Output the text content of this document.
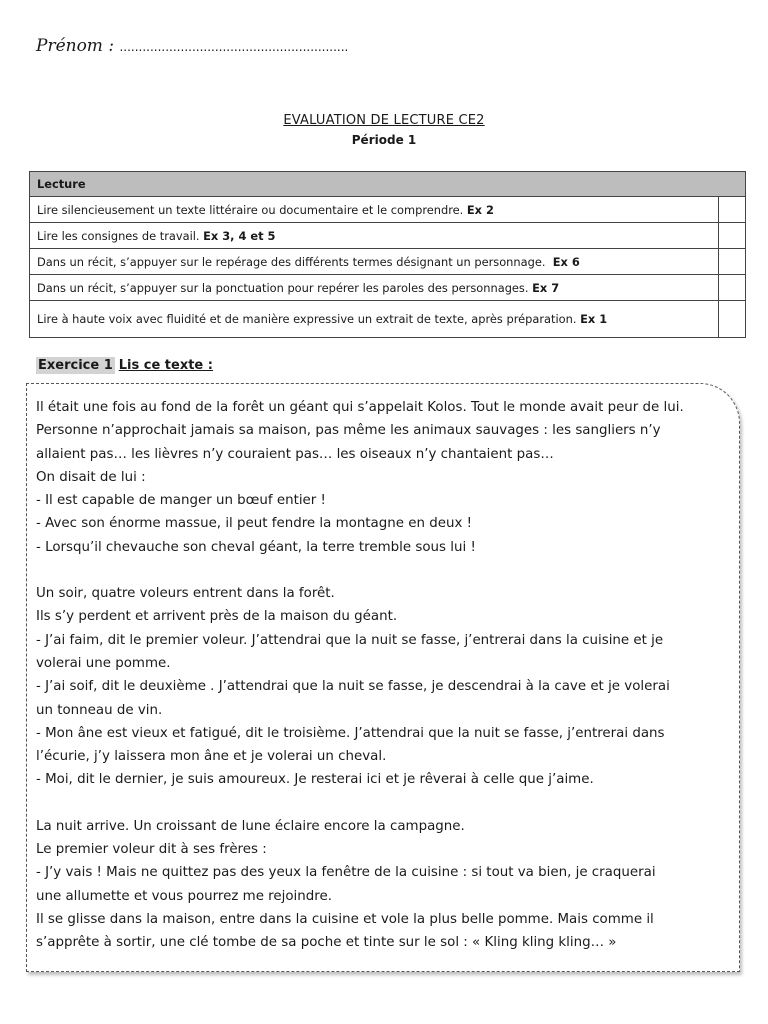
Prénom : ............................................................
EVALUATION DE LECTURE CE2
Période 1
Lecture	
Lire silencieusement un texte littéraire ou documentaire et le comprendre. Ex 2	
Lire les consignes de travail. Ex 3, 4 et 5	
Dans un récit, s’appuyer sur le repérage des différents termes désignant un personnage. Ex 6	
Dans un récit, s’appuyer sur la ponctuation pour repérer les paroles des personnages. Ex 7	
Lire à haute voix avec fluidité et de manière expressive un extrait de texte, après préparation. Ex 1	
Exercice 1 Lis ce texte :

Il était une fois au fond de la forêt un géant qui s’appelait Kolos. Tout le monde avait peur de lui.

Personne n’approchait jamais sa maison, pas même les animaux sauvages : les sangliers n’y

allaient pas… les lièvres n’y couraient pas… les oiseaux n’y chantaient pas…

On disait de lui :

- Il est capable de manger un bœuf entier !

- Avec son énorme massue, il peut fendre la montagne en deux !

- Lorsqu’il chevauche son cheval géant, la terre tremble sous lui !

Un soir, quatre voleurs entrent dans la forêt.

Ils s’y perdent et arrivent près de la maison du géant.

- J’ai faim, dit le premier voleur. J’attendrai que la nuit se fasse, j’entrerai dans la cuisine et je

volerai une pomme.

- J’ai soif, dit le deuxième . J’attendrai que la nuit se fasse, je descendrai à la cave et je volerai

un tonneau de vin.

- Mon âne est vieux et fatigué, dit le troisième. J’attendrai que la nuit se fasse, j’entrerai dans

l’écurie, j’y laissera mon âne et je volerai un cheval.

- Moi, dit le dernier, je suis amoureux. Je resterai ici et je rêverai à celle que j’aime.

La nuit arrive. Un croissant de lune éclaire encore la campagne.

Le premier voleur dit à ses frères :

- J’y vais ! Mais ne quittez pas des yeux la fenêtre de la cuisine : si tout va bien, je craquerai

une allumette et vous pourrez me rejoindre.

Il se glisse dans la maison, entre dans la cuisine et vole la plus belle pomme. Mais comme il

s’apprête à sortir, une clé tombe de sa poche et tinte sur le sol : « Kling kling kling… »
